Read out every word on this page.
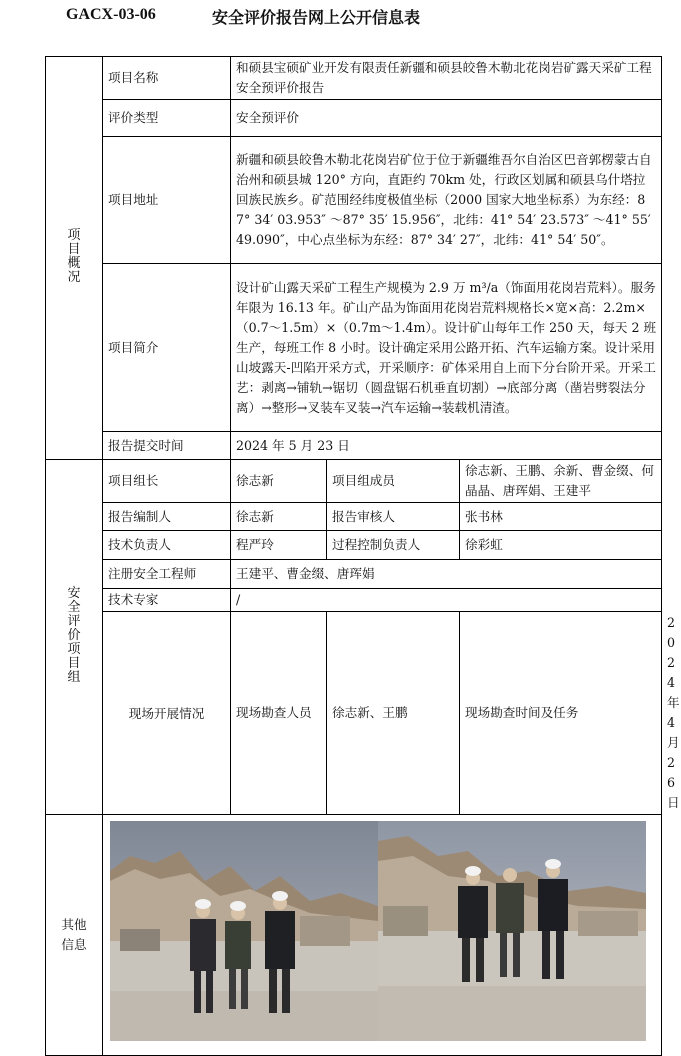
GACX-03-06	安全评价报告网上公开信息表
项目概况	项目名称	和硕县宝硕矿业开发有限责任新疆和硕县皎鲁木勒北花岗岩矿露天采矿工程安全预评价报告			
	评价类型	安全预评价			
	项目地址	新疆和硕县皎鲁木勒北花岗岩矿位于位于新疆维吾尔自治区巴音郭楞蒙古自治州和硕县城 120° 方向，直距约 70km 处，行政区划属和硕县乌什塔拉回族民族乡。矿范围经纬度极值坐标（2000 国家大地坐标系）为东经：87° 34′ 03.953″ ～87° 35′ 15.956″，北纬：41° 54′ 23.573″ ～41° 55′ 49.090″，中心点坐标为东经：87° 34′ 27″，北纬：41° 54′ 50″。			
	项目简介	设计矿山露天采矿工程生产规模为 2.9 万 m³/a（饰面用花岗岩荒料）。服务年限为 16.13 年。矿山产品为饰面用花岗岩荒料规格长×宽×高：2.2m×（0.7～1.5m）×（0.7m～1.4m）。设计矿山每年工作 250 天，每天 2 班生产，每班工作 8 小时。设计确定采用公路开拓、汽车运输方案。设计采用山坡露天-凹陷开采方式，开采顺序：矿体采用自上而下分台阶开采。开采工艺：剥离→铺轨→锯切（圆盘锯石机垂直切割）→底部分离（凿岩劈裂法分离）→整形→叉装车叉装→汽车运输→装载机清渣。			
	报告提交时间	2024 年 5 月 23 日			
安全评价项目组	项目组长	徐志新	项目组成员	徐志新、王鹏、余新、曹金缀、何晶晶、唐珲娟、王建平	
	报告编制人	徐志新	报告审核人	张书林	
	技术负责人	程严玲	过程控制负责人	徐彩虹	
	注册安全工程师	王建平、曹金缀、唐珲娟			
	技术专家	/			
	现场开展情况	现场勘查人员	徐志新、王鹏	现场勘查时间及任务	2024 年 4 月 26日
其他信息	
